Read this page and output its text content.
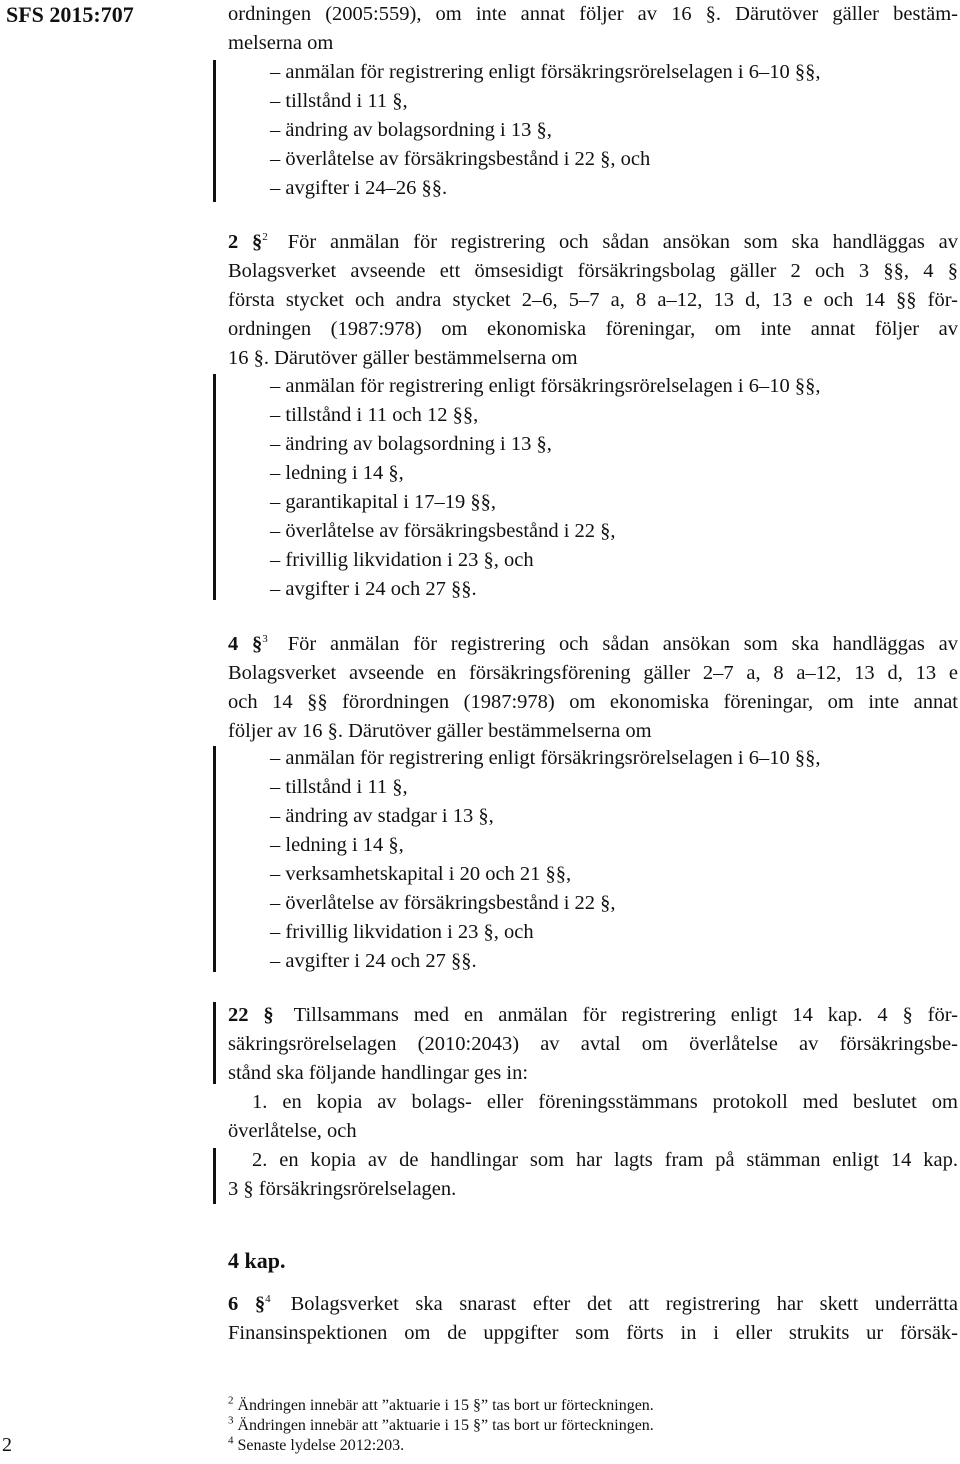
SFS 2015:707	ordningen (2005:559), om inte annat följer av 16 §. Därutöver gäller bestäm-
melserna om
– anmälan för registrering enligt försäkringsrörelselagen i 6–10 §§,
– tillstånd i 11 §,
– ändring av bolagsordning i 13 §,
– överlåtelse av försäkringsbestånd i 22 §, och
– avgifter i 24–26 §§.
2 §$^2$ För anmälan för registrering och sådan ansökan som ska handläggas av
Bolagsverket avseende ett ömsesidigt försäkringsbolag gäller 2 och 3 §§, 4 §
första stycket och andra stycket 2–6, 5–7 a, 8 a–12, 13 d, 13 e och 14 §§ för-
ordningen (1987:978) om ekonomiska föreningar, om inte annat följer av
16 §. Därutöver gäller bestämmelserna om
– anmälan för registrering enligt försäkringsrörelselagen i 6–10 §§,
– tillstånd i 11 och 12 §§,
– ändring av bolagsordning i 13 §,
– ledning i 14 §,
– garantikapital i 17–19 §§,
– överlåtelse av försäkringsbestånd i 22 §,
– frivillig likvidation i 23 §, och
– avgifter i 24 och 27 §§.
4 §$^3$ För anmälan för registrering och sådan ansökan som ska handläggas av
Bolagsverket avseende en försäkringsförening gäller 2–7 a, 8 a–12, 13 d, 13 e
och 14 §§ förordningen (1987:978) om ekonomiska föreningar, om inte annat
följer av 16 §. Därutöver gäller bestämmelserna om
– anmälan för registrering enligt försäkringsrörelselagen i 6–10 §§,
– tillstånd i 11 §,
– ändring av stadgar i 13 §,
– ledning i 14 §,
– verksamhetskapital i 20 och 21 §§,
– överlåtelse av försäkringsbestånd i 22 §,
– frivillig likvidation i 23 §, och
– avgifter i 24 och 27 §§.
22 § Tillsammans med en anmälan för registrering enligt 14 kap. 4 § för-
säkringsrörelselagen (2010:2043) av avtal om överlåtelse av försäkringsbe-
stånd ska följande handlingar ges in:
1. en kopia av bolags- eller föreningsstämmans protokoll med beslutet om
överlåtelse, och
2. en kopia av de handlingar som har lagts fram på stämman enligt 14 kap.
3 § försäkringsrörelselagen.
4 kap.
6 §$^4$ Bolagsverket ska snarast efter det att registrering har skett underrätta
Finansinspektionen om de uppgifter som förts in i eller strukits ur försäk-
$^2$ Ändringen innebär att ”aktuarie i 15 §” tas bort ur förteckningen.
$^3$ Ändringen innebär att ”aktuarie i 15 §” tas bort ur förteckningen.
$^4$ Senaste lydelse 2012:203.
2
